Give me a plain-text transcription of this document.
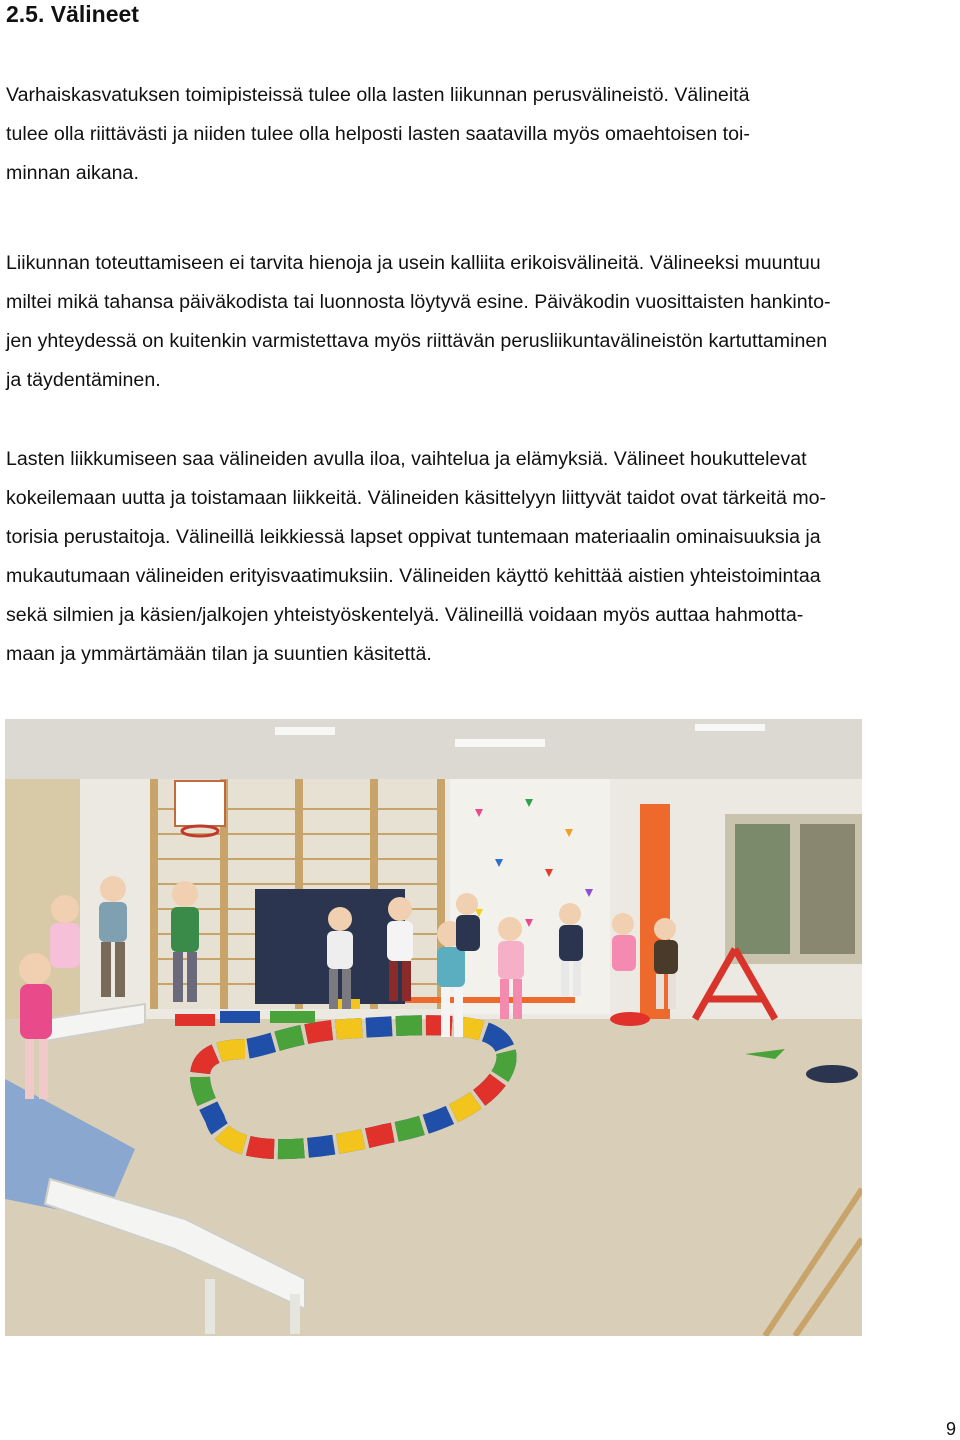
2.5. Välineet
Varhaiskasvatuksen toimipisteissä tulee olla lasten liikunnan perusvälineistö. Välineitä
tulee olla riittävästi ja niiden tulee olla helposti lasten saatavilla myös omaehtoisen toi-
minnan aikana.
Liikunnan toteuttamiseen ei tarvita hienoja ja usein kalliita erikoisvälineitä. Välineeksi muuntuu
miltei mikä tahansa päiväkodista tai luonnosta löytyvä esine. Päiväkodin vuosittaisten hankinto-
jen yhteydessä on kuitenkin varmistettava myös riittävän perusliikuntavälineistön kartuttaminen
ja täydentäminen.
Lasten liikkumiseen saa välineiden avulla iloa, vaihtelua ja elämyksiä. Välineet houkuttelevat
kokeilemaan uutta ja toistamaan liikkeitä. Välineiden käsittelyyn liittyvät taidot ovat tärkeitä mo-
torisia perustaitoja. Välineillä leikkiessä lapset oppivat tuntemaan materiaalin ominaisuuksia ja
mukautumaan välineiden erityisvaatimuksiin. Välineiden käyttö kehittää aistien yhteistoimintaa
sekä silmien ja käsien/jalkojen yhteistyöskentelyä. Välineillä voidaan myös auttaa hahmotta-
maan ja ymmärtämään tilan ja suuntien käsitettä.
9
